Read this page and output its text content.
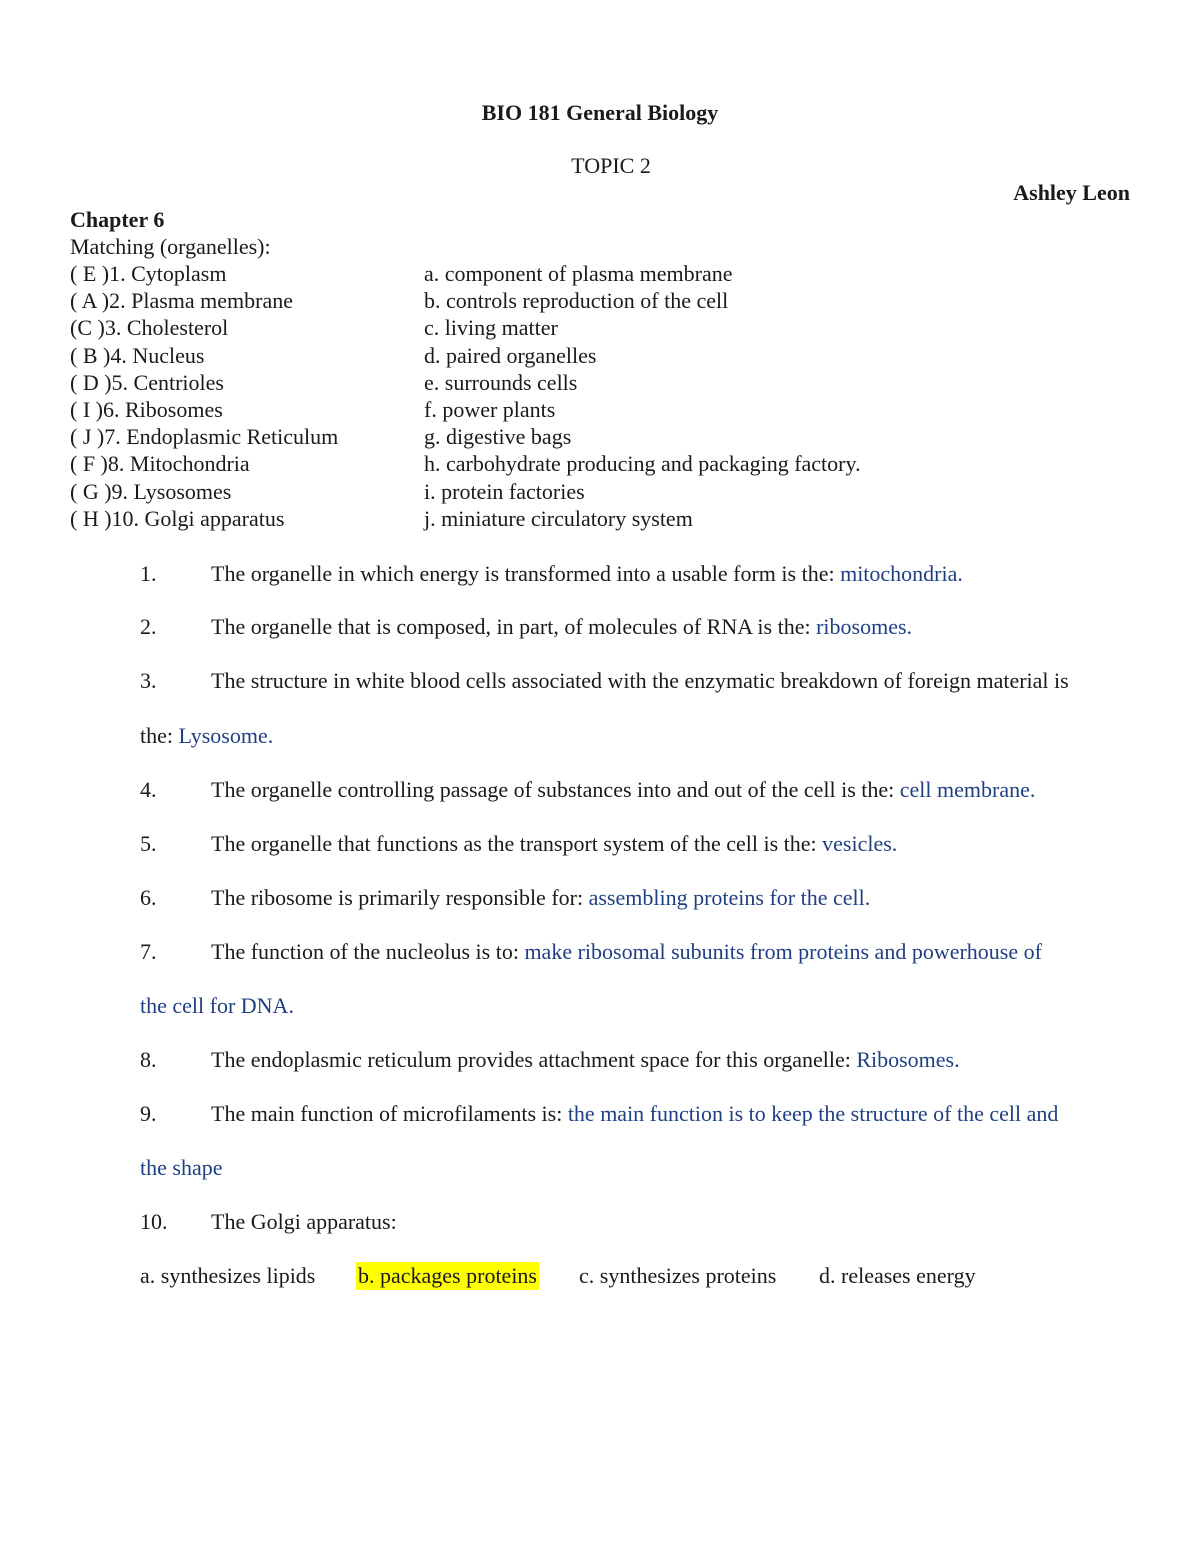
BIO 181 General Biology
TOPIC 2
Ashley Leon
Chapter 6
Matching (organelles):
( E )1. Cytoplasm	a. component of plasma membrane
( A )2. Plasma membrane	b. controls reproduction of the cell
(C )3. Cholesterol	c. living matter
( B )4. Nucleus	d. paired organelles
( D )5. Centrioles	e. surrounds cells
( I )6. Ribosomes	f. power plants
( J )7. Endoplasmic Reticulum	g. digestive bags
( F )8. Mitochondria	h. carbohydrate producing and packaging factory.
( G )9. Lysosomes	i. protein factories
( H )10. Golgi apparatus	j. miniature circulatory system
1. The organelle in which energy is transformed into a usable form is the: mitochondria.
2. The organelle that is composed, in part, of molecules of RNA is the: ribosomes.
3. The structure in white blood cells associated with the enzymatic breakdown of foreign material is
the: Lysosome.
4. The organelle controlling passage of substances into and out of the cell is the: cell membrane.
5. The organelle that functions as the transport system of the cell is the: vesicles.
6. The ribosome is primarily responsible for: assembling proteins for the cell.
7. The function of the nucleolus is to: make ribosomal subunits from proteins and powerhouse of
the cell for DNA.
8. The endoplasmic reticulum provides attachment space for this organelle: Ribosomes.
9. The main function of microfilaments is: the main function is to keep the structure of the cell and
the shape
10. The Golgi apparatus:
a. synthesizes lipids b. packages proteins c. synthesizes proteins d. releases energy
